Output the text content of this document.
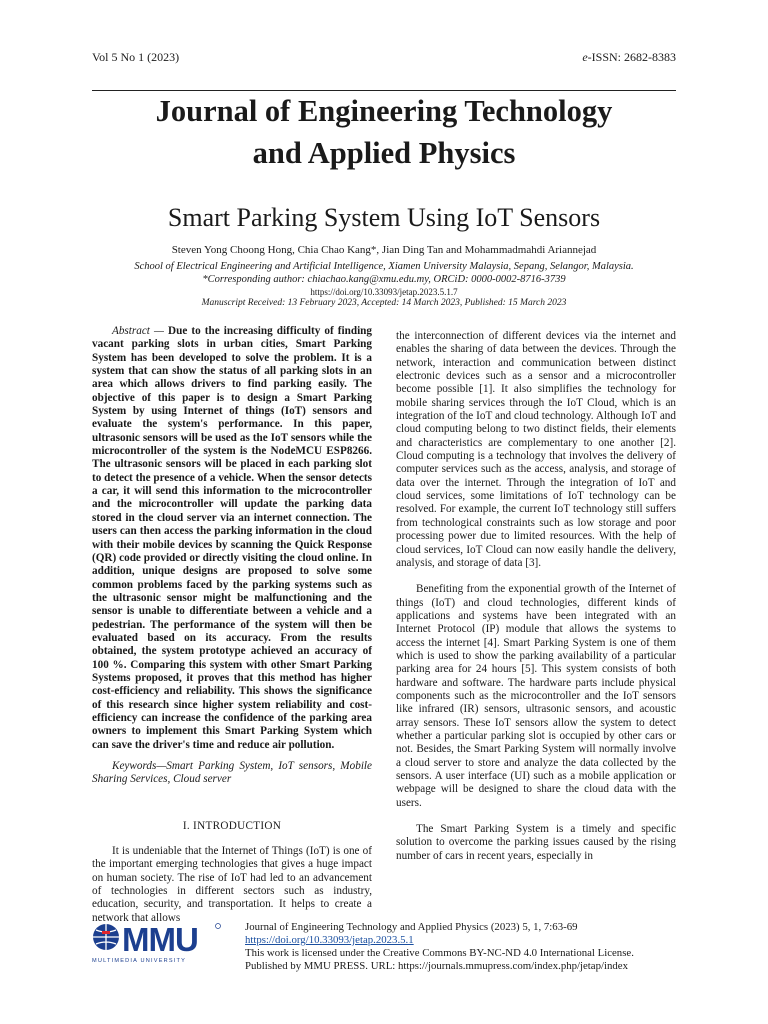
Vol 5 No 1 (2023)	e-ISSN: 2682-8383
Journal of Engineering Technology
and Applied Physics
Smart Parking System Using IoT Sensors
Steven Yong Choong Hong, Chia Chao Kang*, Jian Ding Tan and Mohammadmahdi Ariannejad
School of Electrical Engineering and Artificial Intelligence, Xiamen University Malaysia, Sepang, Selangor, Malaysia.
*Corresponding author: chiachao.kang@xmu.edu.my, ORCiD: 0000-0002-8716-3739
https://doi.org/10.33093/jetap.2023.5.1.7
Manuscript Received: 13 February 2023, Accepted: 14 March 2023, Published: 15 March 2023

Abstract — Due to the increasing difficulty of finding vacant parking slots in urban cities, Smart Parking System has been developed to solve the problem. It is a system that can show the status of all parking slots in an area which allows drivers to find parking easily. The objective of this paper is to design a Smart Parking System by using Internet of things (IoT) sensors and evaluate the system's performance. In this paper, ultrasonic sensors will be used as the IoT sensors while the microcontroller of the system is the NodeMCU ESP8266. The ultrasonic sensors will be placed in each parking slot to detect the presence of a vehicle. When the sensor detects a car, it will send this information to the microcontroller and the microcontroller will update the parking data stored in the cloud server via an internet connection. The users can then access the parking information in the cloud with their mobile devices by scanning the Quick Response (QR) code provided or directly visiting the cloud online. In addition, unique designs are proposed to solve some common problems faced by the parking systems such as the ultrasonic sensor might be malfunctioning and the sensor is unable to differentiate between a vehicle and a pedestrian. The performance of the system will then be evaluated based on its accuracy. From the results obtained, the system prototype achieved an accuracy of 100 %. Comparing this system with other Smart Parking Systems proposed, it proves that this method has higher cost-efficiency and reliability. This shows the significance of this research since higher system reliability and cost-efficiency can increase the confidence of the parking area owners to implement this Smart Parking System which can save the driver's time and reduce air pollution.

Keywords—Smart Parking System, IoT sensors, Mobile Sharing Services, Cloud server

I. INTRODUCTION

It is undeniable that the Internet of Things (IoT) is one of the important emerging technologies that gives a huge impact on human society. The rise of IoT had led to an advancement of technologies in different sectors such as industry, education, security, and transportation. It helps to create a network that allows

the interconnection of different devices via the internet and enables the sharing of data between the devices. Through the network, interaction and communication between distinct electronic devices such as a sensor and a microcontroller become possible [1]. It also simplifies the technology for mobile sharing services through the IoT Cloud, which is an integration of the IoT and cloud technology. Although IoT and cloud computing belong to two distinct fields, their elements and characteristics are complementary to one another [2]. Cloud computing is a technology that involves the delivery of computer services such as the access, analysis, and storage of data over the internet. Through the integration of IoT and cloud services, some limitations of IoT technology can be resolved. For example, the current IoT technology still suffers from technological constraints such as low storage and poor processing power due to limited resources. With the help of cloud services, IoT Cloud can now easily handle the delivery, analysis, and storage of data [3].

Benefiting from the exponential growth of the Internet of things (IoT) and cloud technologies, different kinds of applications and systems have been integrated with an Internet Protocol (IP) module that allows the systems to access the internet [4]. Smart Parking System is one of them which is used to show the parking availability of a particular parking area for 24 hours [5]. This system consists of both hardware and software. The hardware parts include physical components such as the microcontroller and the IoT sensors like infrared (IR) sensors, ultrasonic sensors, and acoustic array sensors. These IoT sensors allow the system to detect whether a particular parking slot is occupied by other cars or not. Besides, the Smart Parking System will normally involve a cloud server to store and analyze the data collected by the sensors. A user interface (UI) such as a mobile application or webpage will be designed to share the cloud data with the users.

The Smart Parking System is a timely and specific solution to overcome the parking issues caused by the rising number of cars in recent years, especially in

MMU
MULTIMEDIA UNIVERSITY
Journal of Engineering Technology and Applied Physics (2023) 5, 1, 7:63-69
https://doi.org/10.33093/jetap.2023.5.1
This work is licensed under the Creative Commons BY-NC-ND 4.0 International License.
Published by MMU PRESS. URL: https://journals.mmupress.com/index.php/jetap/index
